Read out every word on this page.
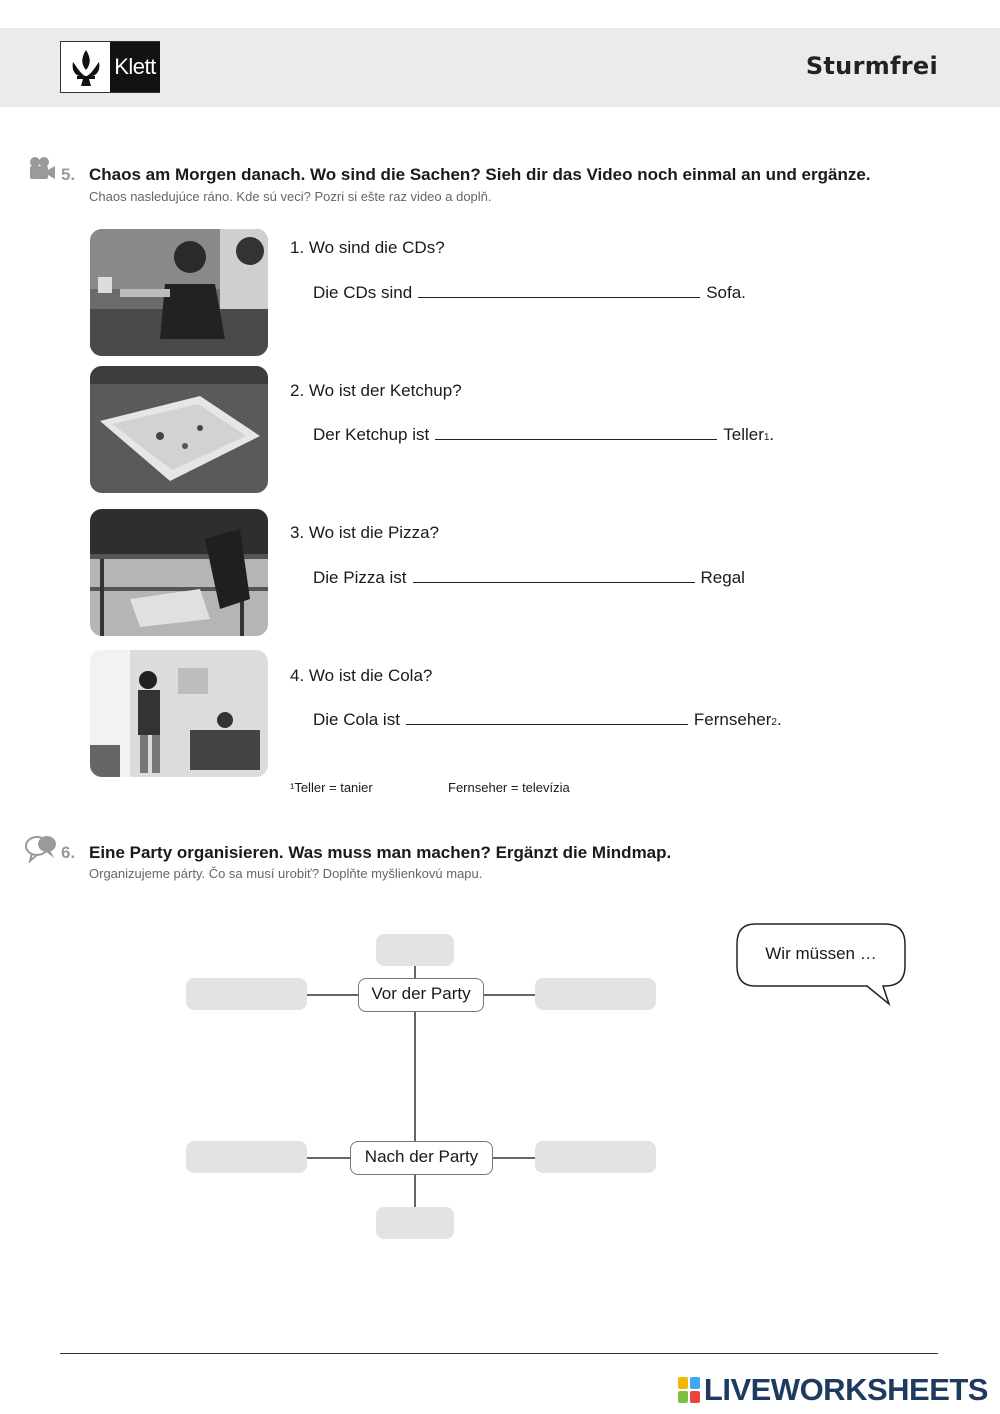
Klett	Sturmfrei
5. Chaos am Morgen danach. Wo sind die Sachen? Sieh dir das Video noch einmal an und ergänze.
Chaos nasledujúce ráno. Kde sú veci? Pozri si ešte raz video a doplň.
1. Wo sind die CDs?
Die CDs sind	Sofa.
2. Wo ist der Ketchup?
Der Ketchup ist	Teller 1 .
3. Wo ist die Pizza?
Die Pizza ist	Regal
4. Wo ist die Cola?
Die Cola ist	Fernseher 2 .
¹Teller = tanier	Fernseher = televízia
6. Eine Party organisieren. Was muss man machen? Ergänzt die Mindmap.
Organizujeme párty. Čo sa musí urobiť? Doplňte myšlienkovú mapu.
Vor der Party
Nach der Party
Wir müssen …
LIVEWORKSHEETS
